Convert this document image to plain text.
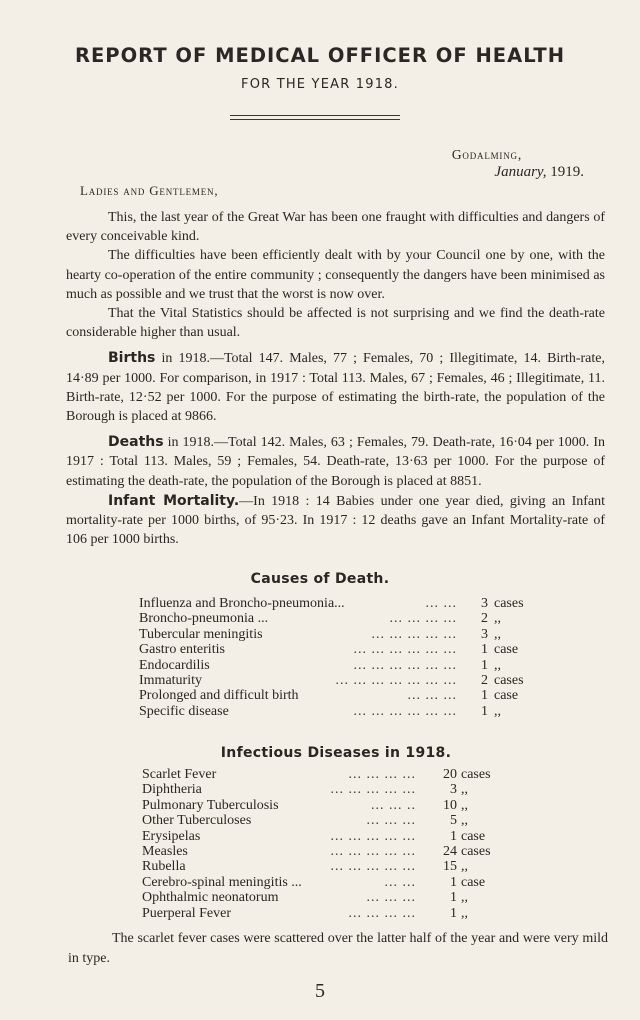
REPORT OF MEDICAL OFFICER OF HEALTH
FOR THE YEAR 1918.
Godalming,
January, 1919.
Ladies and Gentlemen,

This, the last year of the Great War has been one fraught with difficulties and dangers of every conceivable kind.

The difficulties have been efficiently dealt with by your Council one by one, with the hearty co-operation of the entire community ; consequently the dangers have been minimised as much as possible and we trust that the worst is now over.

That the Vital Statistics should be affected is not surprising and we find the death-rate considerable higher than usual.

Births in 1918.—Total 147. Males, 77 ; Females, 70 ; Illegitimate, 14. Birth-rate, 14·89 per 1000. For comparison, in 1917 : Total 113. Males, 67 ; Females, 46 ; Illegitimate, 11. Birth-rate, 12·52 per 1000. For the purpose of estimating the birth-rate, the population of the Borough is placed at 9866.

Deaths in 1918.—Total 142. Males, 63 ; Females, 79. Death-rate, 16·04 per 1000. In 1917 : Total 113. Males, 59 ; Females, 54. Death-rate, 13·63 per 1000. For the purpose of estimating the death-rate, the population of the Borough is placed at 8851.

Infant Mortality.—In 1918 : 14 Babies under one year died, giving an Infant mortality-rate per 1000 births, of 95·23. In 1917 : 12 deaths gave an Infant Mortality-rate of 106 per 1000 births.

Causes of Death.
Influenza and Broncho-pneumonia...	... ...	3 cases
Broncho-pneumonia ...	... ... ... ...	2 ,,
Tubercular meningitis	... ... ... ... ...	3 ,,
Gastro enteritis	... ... ... ... ... ...	1 case
Endocardilis	... ... ... ... ... ...	1 ,,
Immaturity	... ... ... ... ... ... ...	2 cases
Prolonged and difficult birth	... ... ...	1 case
Specific disease	... ... ... ... ... ...	1 ,,
Infectious Diseases in 1918.
Scarlet Fever	... ... ... ...	20 cases
Diphtheria	... ... ... ... ...	3 ,,
Pulmonary Tuberculosis	... ... ..	10 ,,
Other Tuberculoses	... ... ...	5 ,,
Erysipelas	... ... ... ... ...	1 case
Measles	... ... ... ... ...	24 cases
Rubella	... ... ... ... ...	15 ,,
Cerebro-spinal meningitis ...	... ...	1 case
Ophthalmic neonatorum	... ... ...	1 ,,
Puerperal Fever	... ... ... ...	1 ,,

The scarlet fever cases were scattered over the latter half of the year and were very mild in type.

5
